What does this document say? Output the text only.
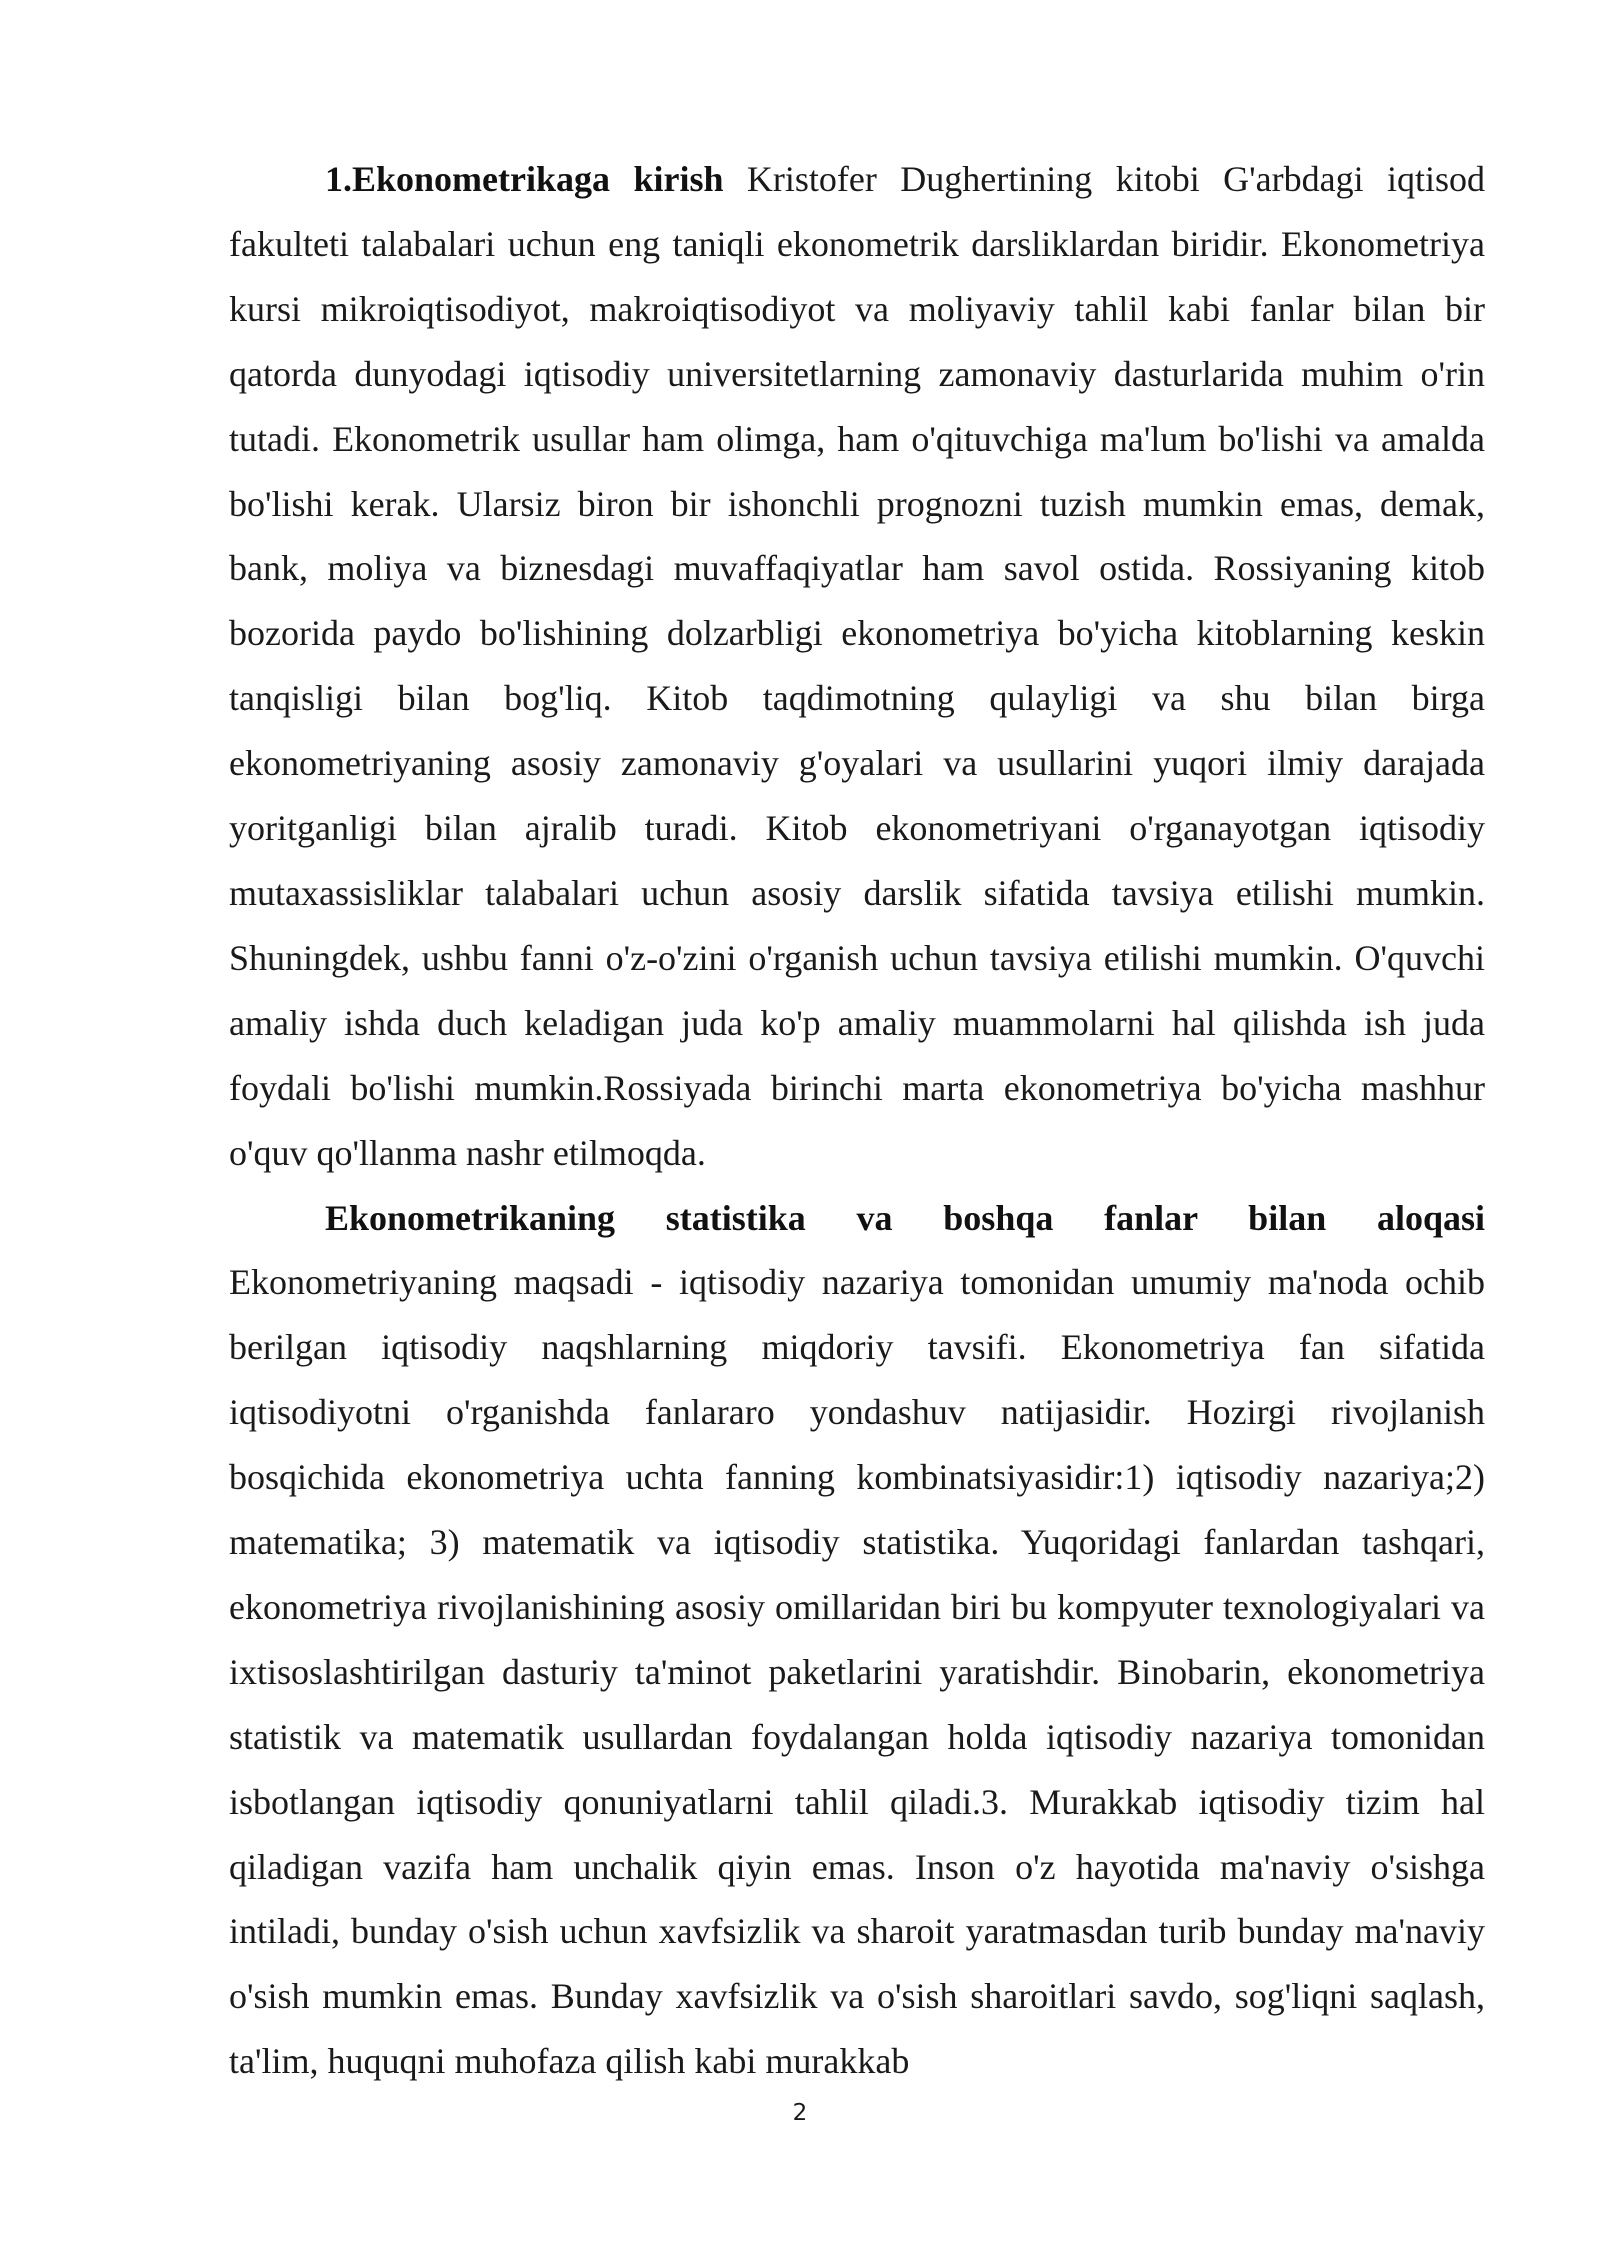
1.Ekonometrikaga kirish Kristofer Dughertining kitobi G'arbdagi iqtisod fakulteti talabalari uchun eng taniqli ekonometrik darsliklardan biridir. Ekonometriya kursi mikroiqtisodiyot, makroiqtisodiyot va moliyaviy tahlil kabi fanlar bilan bir qatorda dunyodagi iqtisodiy universitetlarning zamonaviy dasturlarida muhim o'rin tutadi. Ekonometrik usullar ham olimga, ham o'qituvchiga ma'lum bo'lishi va amalda bo'lishi kerak. Ularsiz biron bir ishonchli prognozni tuzish mumkin emas, demak, bank, moliya va biznesdagi muvaffaqiyatlar ham savol ostida. Rossiyaning kitob bozorida paydo bo'lishining dolzarbligi ekonometriya bo'yicha kitoblarning keskin tanqisligi bilan bog'liq. Kitob taqdimotning qulayligi va shu bilan birga ekonometriyaning asosiy zamonaviy g'oyalari va usullarini yuqori ilmiy darajada yoritganligi bilan ajralib turadi. Kitob ekonometriyani o'rganayotgan iqtisodiy mutaxassisliklar talabalari uchun asosiy darslik sifatida tavsiya etilishi mumkin. Shuningdek, ushbu fanni o'z-o'zini o'rganish uchun tavsiya etilishi mumkin. O'quvchi amaliy ishda duch keladigan juda ko'p amaliy muammolarni hal qilishda ish juda foydali bo'lishi mumkin.Rossiyada birinchi marta ekonometriya bo'yicha mashhur o'quv qo'llanma nashr etilmoqda.

Ekonometrikaning statistika va boshqa fanlar bilan aloqasi Ekonometriyaning maqsadi - iqtisodiy nazariya tomonidan umumiy ma'noda ochib berilgan iqtisodiy naqshlarning miqdoriy tavsifi. Ekonometriya fan sifatida iqtisodiyotni o'rganishda fanlararo yondashuv natijasidir. Hozirgi rivojlanish bosqichida ekonometriya uchta fanning kombinatsiyasidir:1) iqtisodiy nazariya;2) matematika; 3) matematik va iqtisodiy statistika. Yuqoridagi fanlardan tashqari, ekonometriya rivojlanishining asosiy omillaridan biri bu kompyuter texnologiyalari va ixtisoslashtirilgan dasturiy ta'minot paketlarini yaratishdir. Binobarin, ekonometriya statistik va matematik usullardan foydalangan holda iqtisodiy nazariya tomonidan isbotlangan iqtisodiy qonuniyatlarni tahlil qiladi.3. Murakkab iqtisodiy tizim hal qiladigan vazifa ham unchalik qiyin emas. Inson o'z hayotida ma'naviy o'sishga intiladi, bunday o'sish uchun xavfsizlik va sharoit yaratmasdan turib bunday ma'naviy o'sish mumkin emas. Bunday xavfsizlik va o'sish sharoitlari savdo, sog'liqni saqlash, ta'lim, huquqni muhofaza qilish kabi murakkab

2
